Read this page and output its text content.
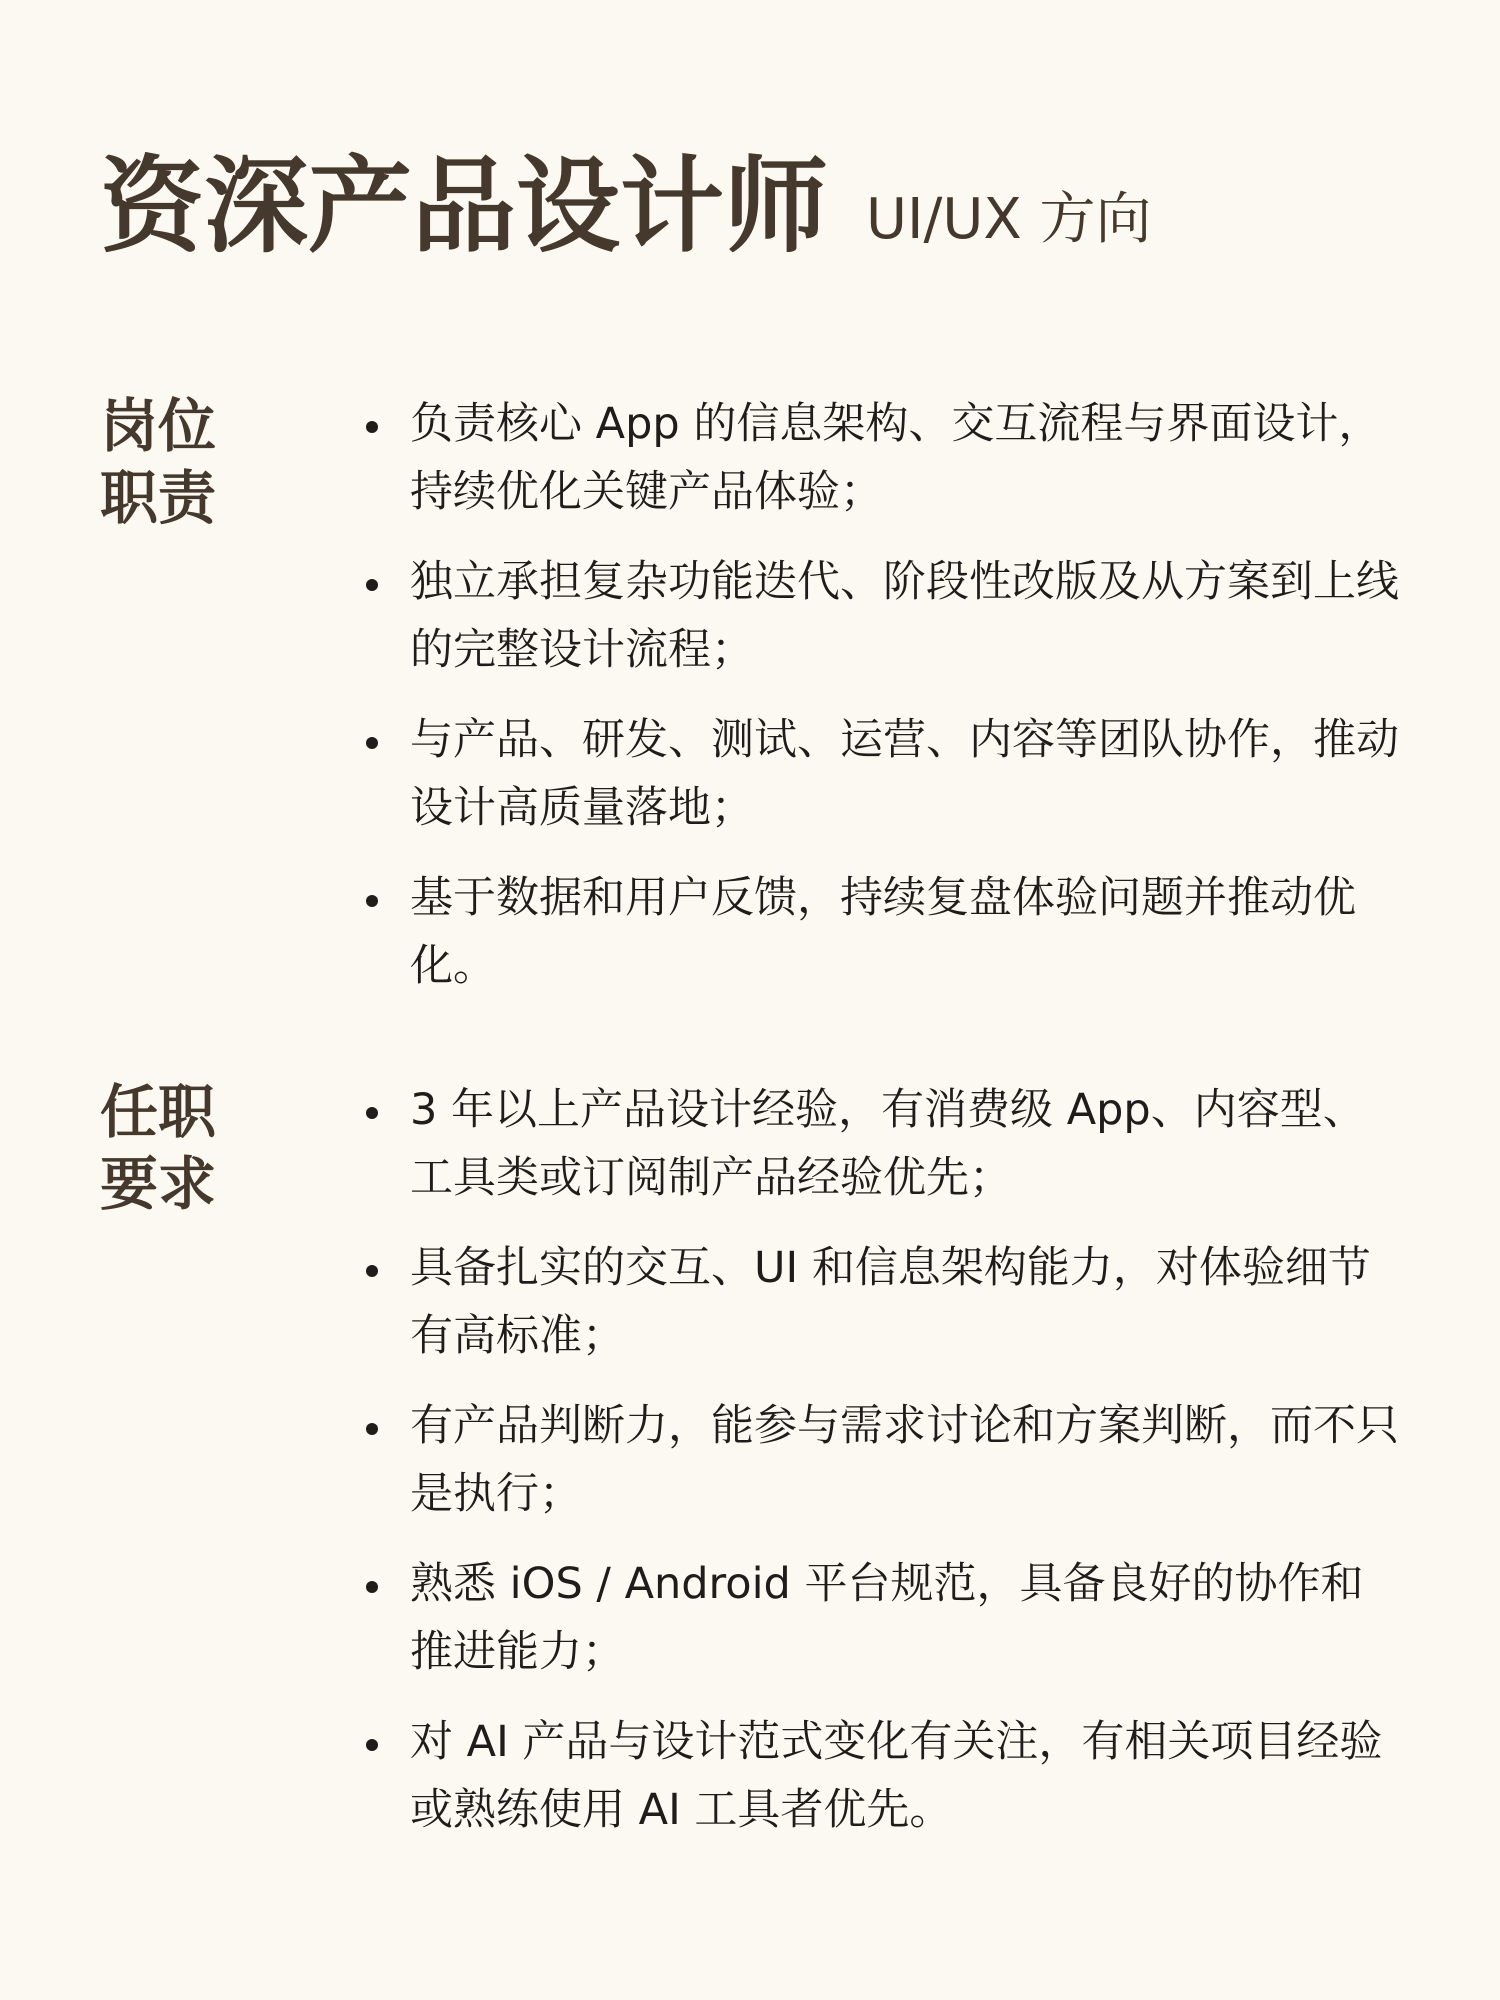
资深产品设计师 UI/UX 方向
岗位
职责
负责核心 App 的信息架构、交互流程与界面设计，持续优化关键产品体验；
独立承担复杂功能迭代、阶段性改版及从方案到上线的完整设计流程；
与产品、研发、测试、运营、内容等团队协作，推动设计高质量落地；
基于数据和用户反馈，持续复盘体验问题并推动优化。
任职
要求
3 年以上产品设计经验，有消费级 App、内容型、工具类或订阅制产品经验优先；
具备扎实的交互、UI 和信息架构能力，对体验细节有高标准；
有产品判断力，能参与需求讨论和方案判断，而不只是执行；
熟悉 iOS / Android 平台规范，具备良好的协作和推进能力；
对 AI 产品与设计范式变化有关注，有相关项目经验或熟练使用 AI 工具者优先。
